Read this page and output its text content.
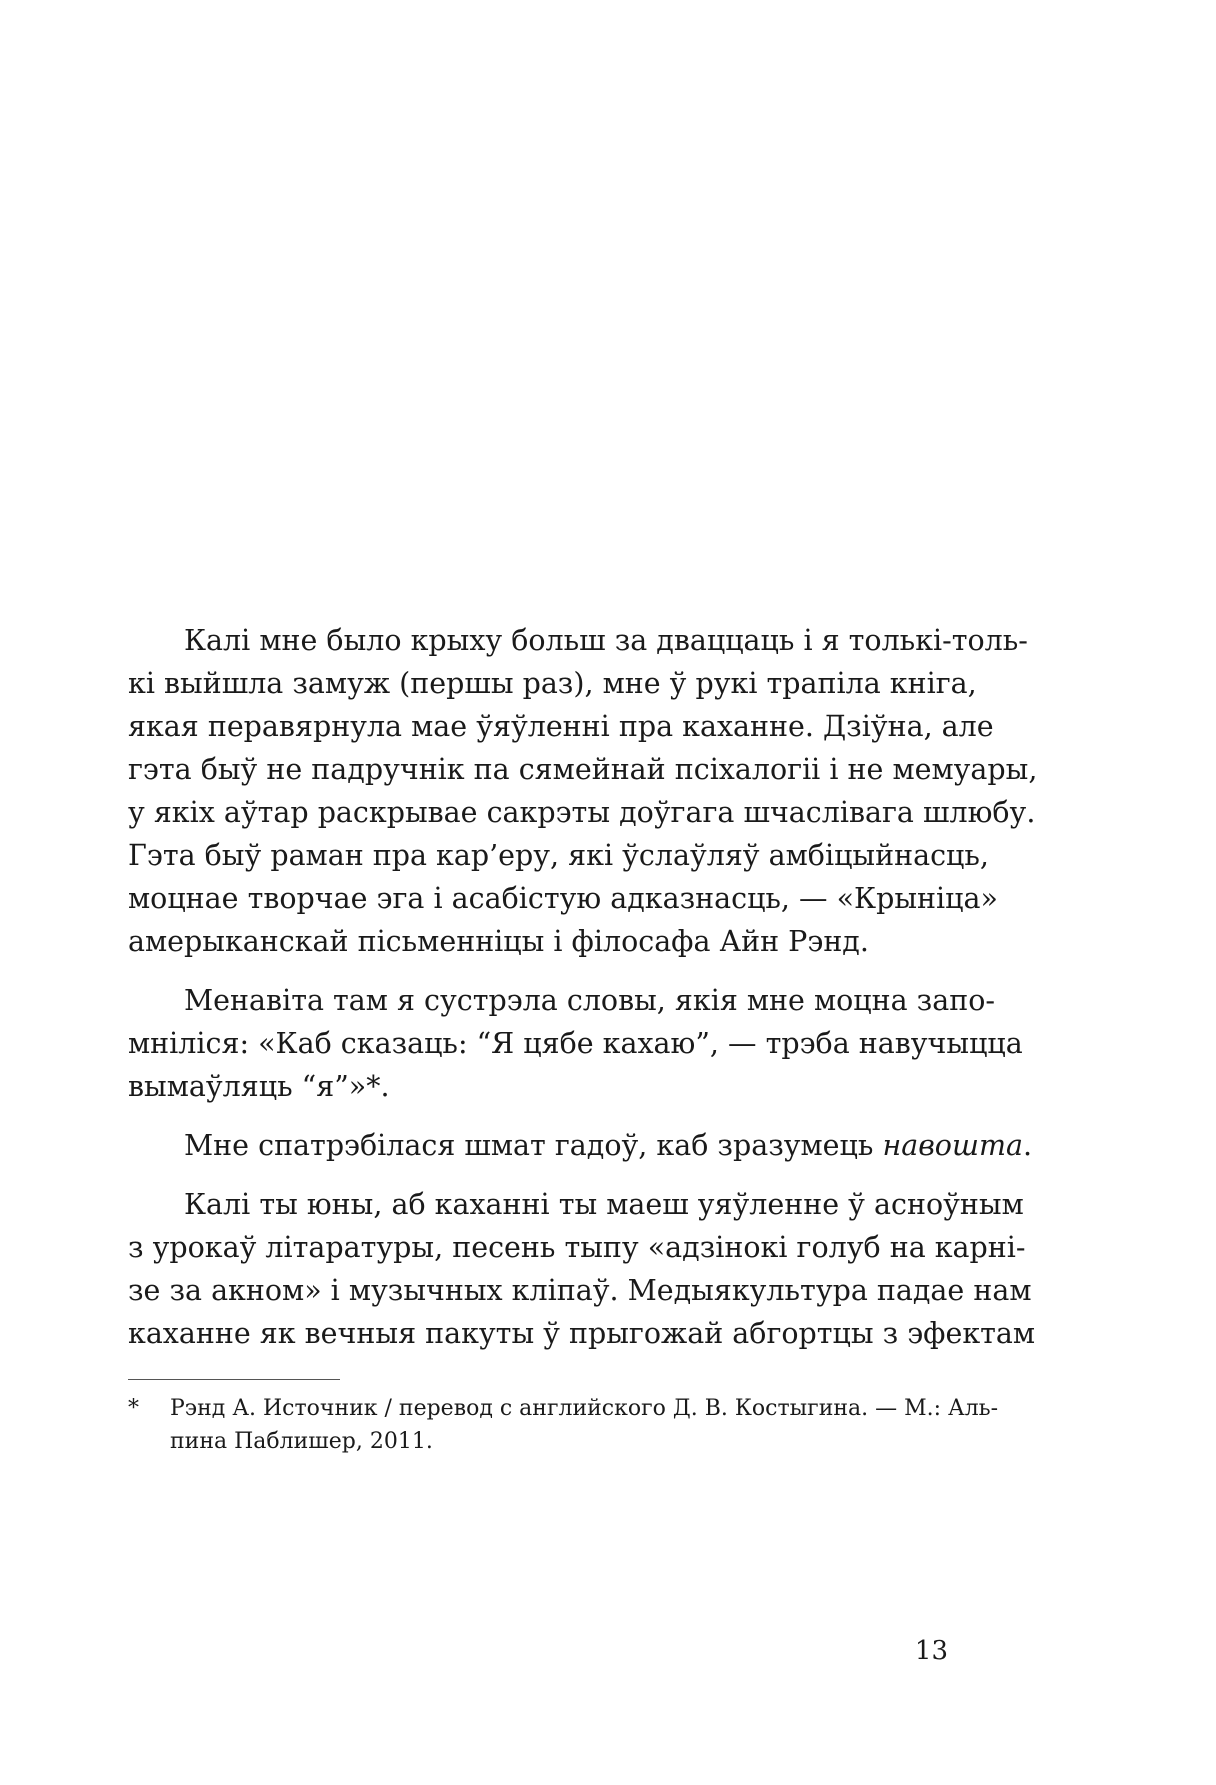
Калі мне было крыху больш за дваццаць і я толькі-толь-
кі выйшла замуж (першы раз), мне ў рукі трапіла кніга,
якая перавярнула мае ўяўленні пра каханне. Дзіўна, але
гэта быў не падручнік па сямейнай псіхалогіі і не мемуары,
у якіх аўтар раскрывае сакрэты доўгага шчаслівага шлюбу.
Гэта быў раман пра кар’еру, які ўслаўляў амбіцыйнасць,
моцнае творчае эга і асабістую адказнасць, — «Крыніца»
амерыканскай пісьменніцы і філосафа Айн Рэнд.
Менавіта там я сустрэла словы, якія мне моцна запо-
мніліся: «Каб сказаць: “Я цябе кахаю”, — трэба навучыцца
вымаўляць “я”»*.
Мне спатрэбілася шмат гадоў, каб зразумець навошта.
Калі ты юны, аб каханні ты маеш уяўленне ў асноўным
з урокаў літаратуры, песень тыпу «адзінокі голуб на карні-
зе за акном» і музычных кліпаў. Медыякультура падае нам
каханне як вечныя пакуты ў прыгожай абгортцы з эфектам
* Рэнд А. Источник / перевод с английского Д. В. Костыгина. — М.: Аль-
пина Паблишер, 2011.
13
